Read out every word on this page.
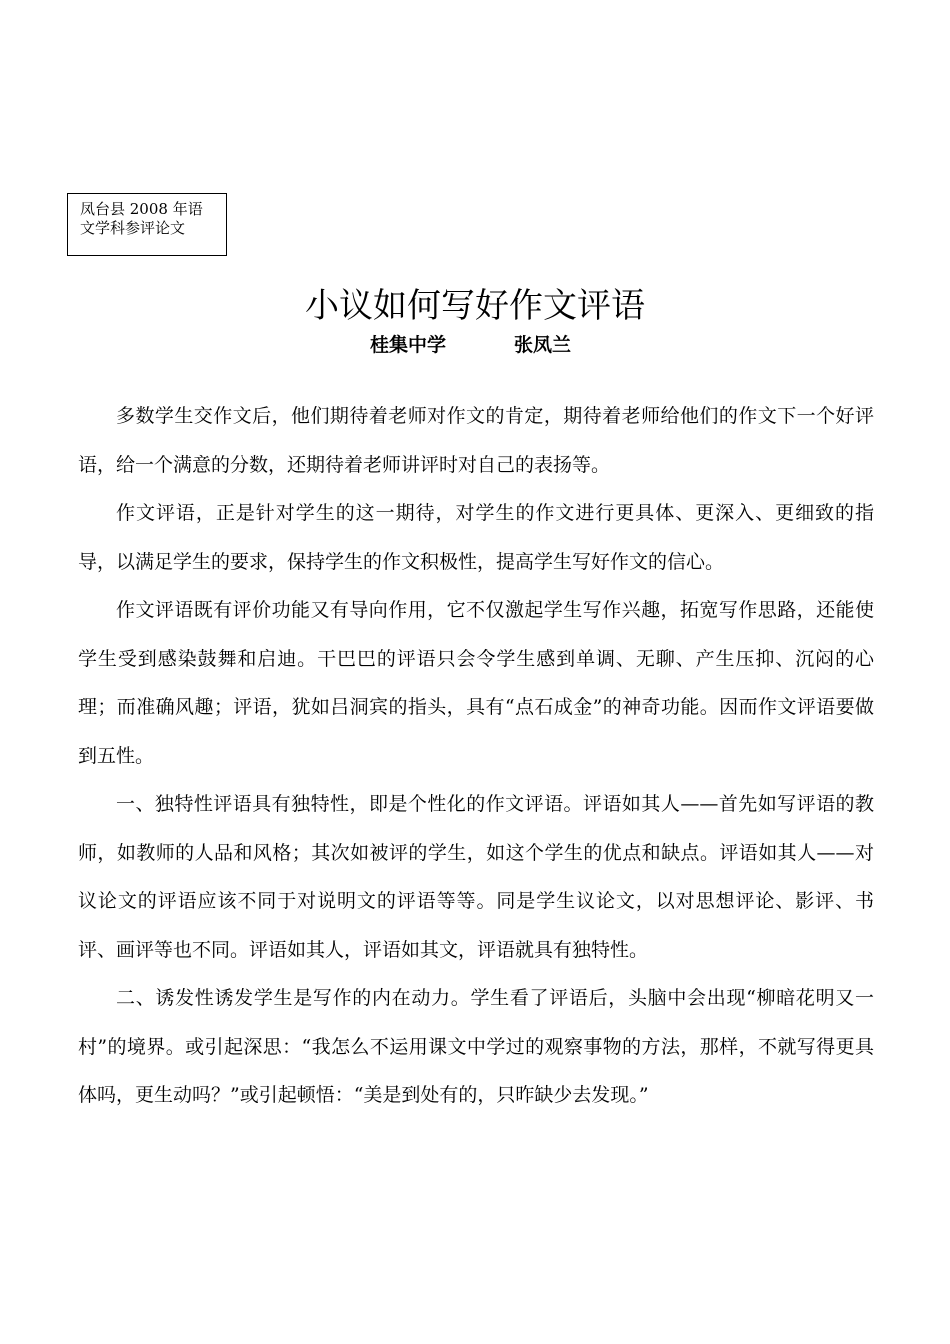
凤台县 2008 年语
文学科参评论文
小议如何写好作文评语
桂集中学	张凤兰

多数学生交作文后，他们期待着老师对作文的肯定，期待着老师给他们的作文下一个好评语，给一个满意的分数，还期待着老师讲评时对自己的表扬等。

作文评语，正是针对学生的这一期待，对学生的作文进行更具体、更深入、更细致的指导，以满足学生的要求，保持学生的作文积极性，提高学生写好作文的信心。

作文评语既有评价功能又有导向作用，它不仅激起学生写作兴趣，拓宽写作思路，还能使学生受到感染鼓舞和启迪。干巴巴的评语只会令学生感到单调、无聊、产生压抑、沉闷的心理；而准确风趣；评语，犹如吕洞宾的指头，具有“点石成金”的神奇功能。因而作文评语要做到五性。

一、独特性评语具有独特性，即是个性化的作文评语。评语如其人——首先如写评语的教师，如教师的人品和风格；其次如被评的学生，如这个学生的优点和缺点。评语如其人——对议论文的评语应该不同于对说明文的评语等等。同是学生议论文，以对思想评论、影评、书评、画评等也不同。评语如其人，评语如其文，评语就具有独特性。

二、诱发性诱发学生是写作的内在动力。学生看了评语后，头脑中会出现“柳暗花明又一村”的境界。或引起深思：“我怎么不运用课文中学过的观察事物的方法，那样，不就写得更具体吗，更生动吗？”或引起顿悟：“美是到处有的，只昨缺少去发现。”
